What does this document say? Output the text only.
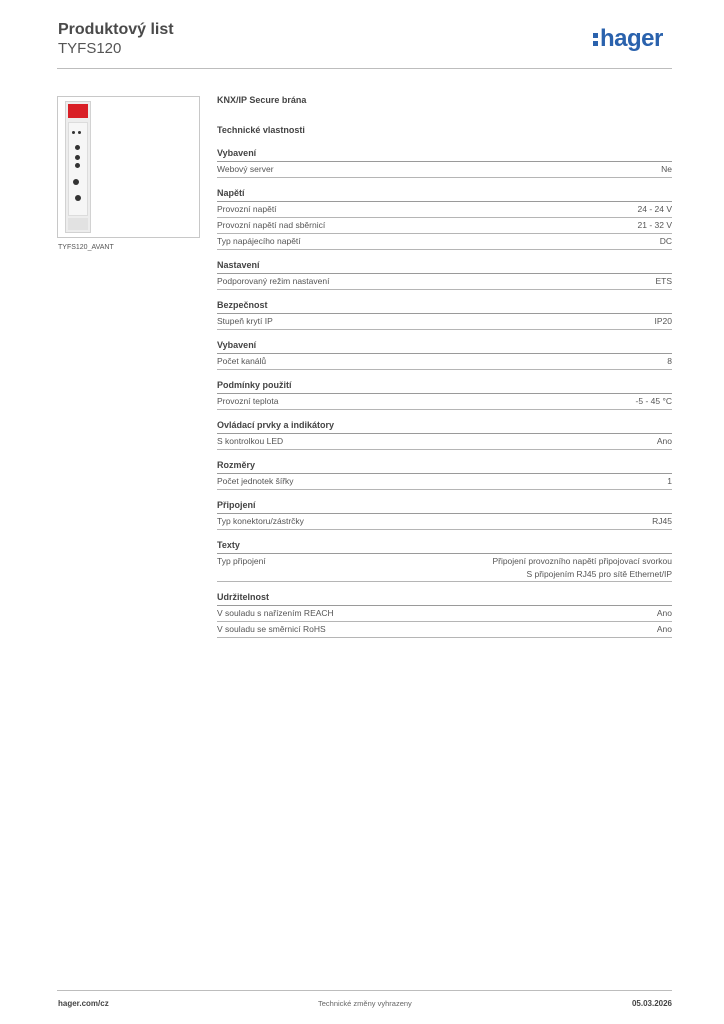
Produktový list
TYFS120	hager
TYFS120_AVANT
KNX/IP Secure brána
Technické vlastnosti
Vybavení
Webový server	Ne
Napětí
Provozní napětí	24 - 24 V
Provozní napětí nad sběrnicí	21 - 32 V
Typ napájecího napětí	DC
Nastavení
Podporovaný režim nastavení	ETS
Bezpečnost
Stupeň krytí IP	IP20
Vybavení
Počet kanálů	8
Podmínky použití
Provozní teplota	-5 - 45 °C
Ovládací prvky a indikátory
S kontrolkou LED	Ano
Rozměry
Počet jednotek šířky	1
Připojení
Typ konektoru/zástrčky	RJ45
Texty
Typ připojení	Připojení provozního napětí připojovací svorkou
S připojením RJ45 pro sítě Ethernet/IP
Udržitelnost
V souladu s nařízením REACH	Ano
V souladu se směrnicí RoHS	Ano
hager.com/cz	Technické změny vyhrazeny	05.03.2026
